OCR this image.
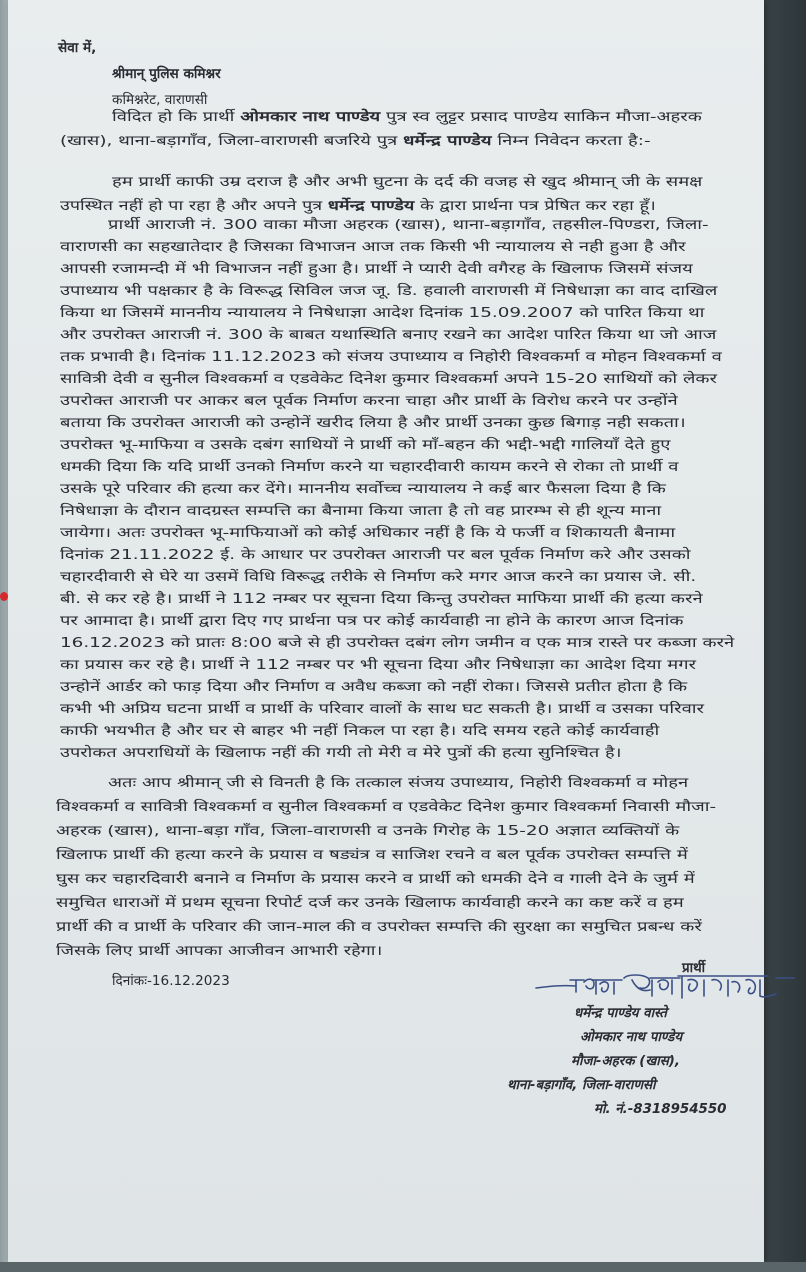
सेवा में,
श्रीमान् पुलिस कमिश्नर
कमिश्नरेट, वाराणसी
विदित हो कि प्रार्थी ओमकार नाथ पाण्डेय पुत्र स्व लुट्टर प्रसाद पाण्डेय साकिन मौजा-अहरक
(खास), थाना-बड़ागाँव, जिला-वाराणसी बजरिये पुत्र धर्मेन्द्र पाण्डेय निम्न निवेदन करता है:-
हम प्रार्थी काफी उम्र दराज है और अभी घुटना के दर्द की वजह से खुद श्रीमान् जी के समक्ष
उपस्थित नहीं हो पा रहा है और अपने पुत्र धर्मेन्द्र पाण्डेय के द्वारा प्रार्थना पत्र प्रेषित कर रहा हूँ।
प्रार्थी आराजी नं. 300 वाका मौजा अहरक (खास), थाना-बड़ागाँव, तहसील-पिण्डरा, जिला-
वाराणसी का सहखातेदार है जिसका विभाजन आज तक किसी भी न्यायालय से नही हुआ है और
आपसी रजामन्दी में भी विभाजन नहीं हुआ है। प्रार्थी ने प्यारी देवी वगैरह के खिलाफ जिसमें संजय
उपाध्याय भी पक्षकार है के विरूद्ध सिविल जज जू. डि. हवाली वाराणसी में निषेधाज्ञा का वाद दाखिल
किया था जिसमें माननीय न्यायालय ने निषेधाज्ञा आदेश दिनांक 15.09.2007 को पारित किया था
और उपरोक्त आराजी नं. 300 के बाबत यथास्थिति बनाए रखने का आदेश पारित किया था जो आज
तक प्रभावी है। दिनांक 11.12.2023 को संजय उपाध्याय व निहोरी विश्वकर्मा व मोहन विश्वकर्मा व
सावित्री देवी व सुनील विश्वकर्मा व एडवेकेट दिनेश कुमार विश्वकर्मा अपने 15-20 साथियों को लेकर
उपरोक्त आराजी पर आकर बल पूर्वक निर्माण करना चाहा और प्रार्थी के विरोध करने पर उन्होंने
बताया कि उपरोक्त आराजी को उन्होनें खरीद लिया है और प्रार्थी उनका कुछ बिगाड़ नही सकता।
उपरोक्त भू-माफिया व उसके दबंग साथियों ने प्रार्थी को माँ-बहन की भद्दी-भद्दी गालियाँ देते हुए
धमकी दिया कि यदि प्रार्थी उनको निर्माण करने या चहारदीवारी कायम करने से रोका तो प्रार्थी व
उसके पूरे परिवार की हत्या कर देंगे। माननीय सर्वोच्च न्यायालय ने कई बार फैसला दिया है कि
निषेधाज्ञा के दौरान वादग्रस्त सम्पत्ति का बैनामा किया जाता है तो वह प्रारम्भ से ही शून्य माना
जायेगा। अतः उपरोक्त भू-माफियाओं को कोई अधिकार नहीं है कि ये फर्जी व शिकायती बैनामा
दिनांक 21.11.2022 ई. के आधार पर उपरोक्त आराजी पर बल पूर्वक निर्माण करे और उसको
चहारदीवारी से घेरे या उसमें विधि विरूद्ध तरीके से निर्माण करे मगर आज करने का प्रयास जे. सी.
बी. से कर रहे है। प्रार्थी ने 112 नम्बर पर सूचना दिया किन्तु उपरोक्त माफिया प्रार्थी की हत्या करने
पर आमादा है। प्रार्थी द्वारा दिए गए प्रार्थना पत्र पर कोई कार्यवाही ना होने के कारण आज दिनांक
16.12.2023 को प्रातः 8:00 बजे से ही उपरोक्त दबंग लोग जमीन व एक मात्र रास्ते पर कब्जा करने
का प्रयास कर रहे है। प्रार्थी ने 112 नम्बर पर भी सूचना दिया और निषेधाज्ञा का आदेश दिया मगर
उन्होनें आर्डर को फाड़ दिया और निर्माण व अवैध कब्जा को नहीं रोका। जिससे प्रतीत होता है कि
कभी भी अप्रिय घटना प्रार्थी व प्रार्थी के परिवार वालों के साथ घट सकती है। प्रार्थी व उसका परिवार
काफी भयभीत है और घर से बाहर भी नहीं निकल पा रहा है। यदि समय रहते कोई कार्यवाही
उपरोकत अपराधियों के खिलाफ नहीं की गयी तो मेरी व मेरे पुत्रों की हत्या सुनिश्चित है।
अतः आप श्रीमान् जी से विनती है कि तत्काल संजय उपाध्याय, निहोरी विश्वकर्मा व मोहन
विश्वकर्मा व सावित्री विश्वकर्मा व सुनील विश्वकर्मा व एडवेकेट दिनेश कुमार विश्वकर्मा निवासी मौजा-
अहरक (खास), थाना-बड़ा गाँव, जिला-वाराणसी व उनके गिरोह के 15-20 अज्ञात व्यक्तियों के
खिलाफ प्रार्थी की हत्या करने के प्रयास व षड्यंत्र व साजिश रचने व बल पूर्वक उपरोक्त सम्पत्ति में
घुस कर चहारदिवारी बनाने व निर्माण के प्रयास करने व प्रार्थी को धमकी देने व गाली देने के जुर्म में
समुचित धाराओं में प्रथम सूचना रिपोर्ट दर्ज कर उनके खिलाफ कार्यवाही करने का कष्ट करें व हम
प्रार्थी की व प्रार्थी के परिवार की जान-माल की व उपरोक्त सम्पत्ति की सुरक्षा का समुचित प्रबन्ध करें
जिसके लिए प्रार्थी आपका आजीवन आभारी रहेगा।
दिनांकः-16.12.2023
प्रार्थी
धर्मेन्द्र पाण्डेय वास्ते
ओमकार नाथ पाण्डेय
मौजा-अहरक (खास),
थाना-बड़ागाँव, जिला-वाराणसी
मो. नं.-8318954550
